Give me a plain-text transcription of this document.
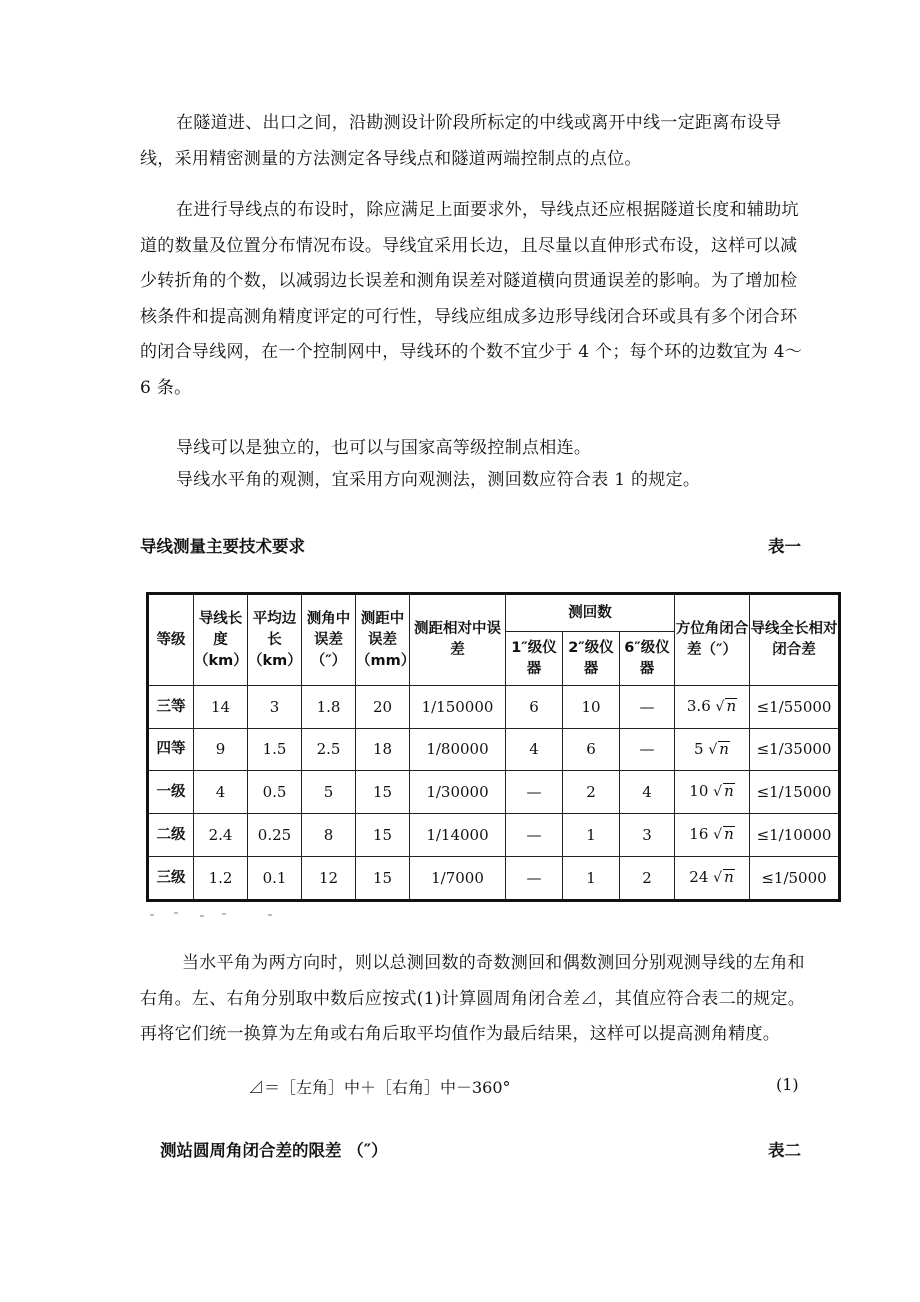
在隧道进、出口之间，沿勘测设计阶段所标定的中线或离开中线一定距离布设导线，采用精密测量的方法测定各导线点和隧道两端控制点的点位。

在进行导线点的布设时，除应满足上面要求外，导线点还应根据隧道长度和辅助坑道的数量及位置分布情况布设。导线宜采用长边，且尽量以直伸形式布设，这样可以减少转折角的个数，以减弱边长误差和测角误差对隧道横向贯通误差的影响。为了增加检核条件和提高测角精度评定的可行性，导线应组成多边形导线闭合环或具有多个闭合环的闭合导线网，在一个控制网中，导线环的个数不宜少于 4 个；每个环的边数宜为 4～6 条。

导线可以是独立的，也可以与国家高等级控制点相连。

导线水平角的观测，宜采用方向观测法，测回数应符合表 1 的规定。

导线测量主要技术要求	表一
等级	导线长度（km）	平均边长（km）	测角中误差（″）	测距中误差（mm）	测距相对中误差	测回数			方位角闭合差（″）	导线全长相对闭合差
						1″级仪器	2″级仪器	6″级仪器		
三等	14	3	1.8	20	1/150000	6	10	—	3.6 √ n	≤1/55000
四等	9	1.5	2.5	18	1/80000	4	6	—	5 √ n	≤1/35000
一级	4	0.5	5	15	1/30000	—	2	4	10 √ n	≤1/15000
二级	2.4	0.25	8	15	1/14000	—	1	3	16 √ n	≤1/10000
三级	1.2	0.1	12	15	1/7000	—	1	2	24 √ n	≤1/5000

当水平角为两方向时，则以总测回数的奇数测回和偶数测回分别观测导线的左角和右角。左、右角分别取中数后应按式(1)计算圆周角闭合差⊿，其值应符合表二的规定。再将它们统一换算为左角或右角后取平均值作为最后结果，这样可以提高测角精度。

⊿＝［左角］中＋［右角］中－360°	(1)
测站圆周角闭合差的限差 （″）	表二
